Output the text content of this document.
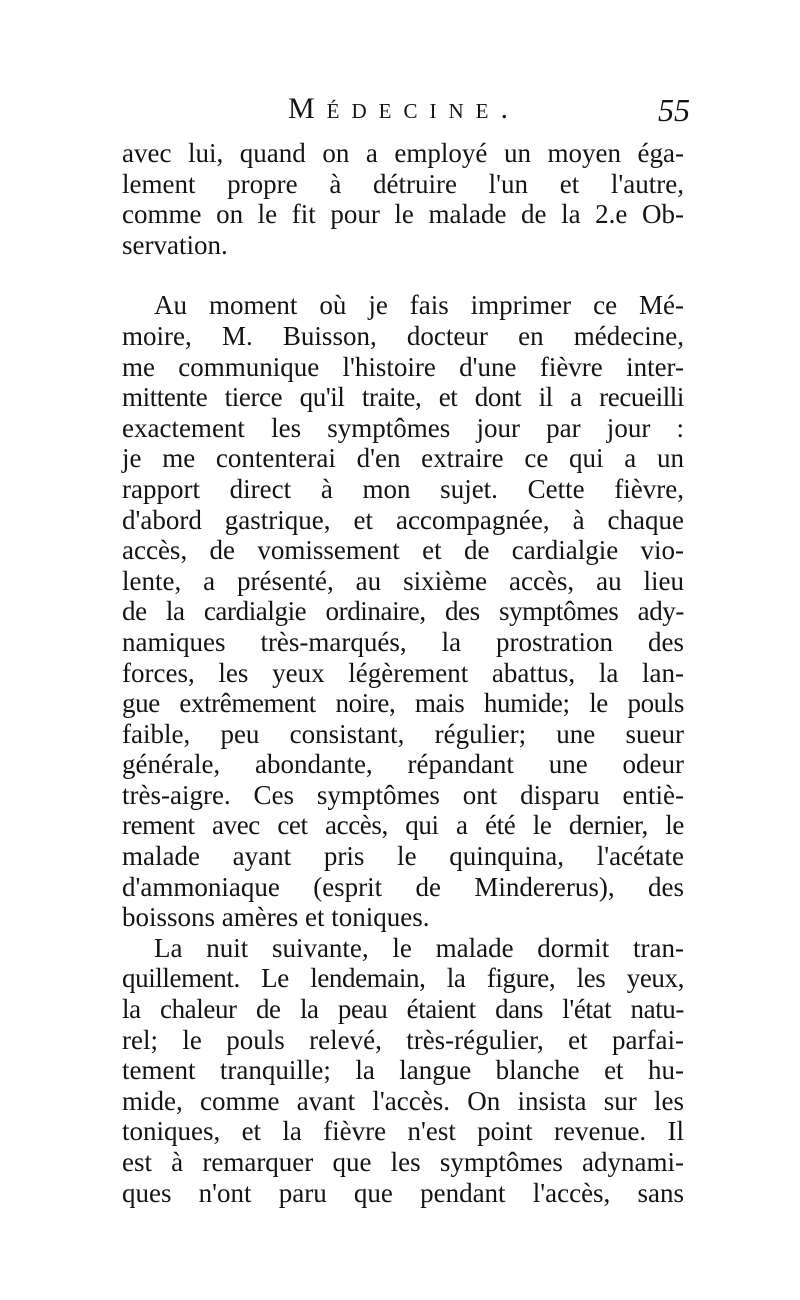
Médecine.	55
avec lui, quand on a employé un moyen éga-
lement propre à détruire l'un et l'autre,
comme on le fit pour le malade de la 2.e Ob-
servation.
Au moment où je fais imprimer ce Mé-
moire, M. Buisson, docteur en médecine,
me communique l'histoire d'une fièvre inter-
mittente tierce qu'il traite, et dont il a recueilli
exactement les symptômes jour par jour :
je me contenterai d'en extraire ce qui a un
rapport direct à mon sujet. Cette fièvre,
d'abord gastrique, et accompagnée, à chaque
accès, de vomissement et de cardialgie vio-
lente, a présenté, au sixième accès, au lieu
de la cardialgie ordinaire, des symptômes ady-
namiques très-marqués, la prostration des
forces, les yeux légèrement abattus, la lan-
gue extrêmement noire, mais humide; le pouls
faible, peu consistant, régulier; une sueur
générale, abondante, répandant une odeur
très-aigre. Ces symptômes ont disparu entiè-
rement avec cet accès, qui a été le dernier, le
malade ayant pris le quinquina, l'acétate
d'ammoniaque (esprit de Mindererus), des
boissons amères et toniques.
La nuit suivante, le malade dormit tran-
quillement. Le lendemain, la figure, les yeux,
la chaleur de la peau étaient dans l'état natu-
rel; le pouls relevé, très-régulier, et parfai-
tement tranquille; la langue blanche et hu-
mide, comme avant l'accès. On insista sur les
toniques, et la fièvre n'est point revenue. Il
est à remarquer que les symptômes adynami-
ques n'ont paru que pendant l'accès, sans
